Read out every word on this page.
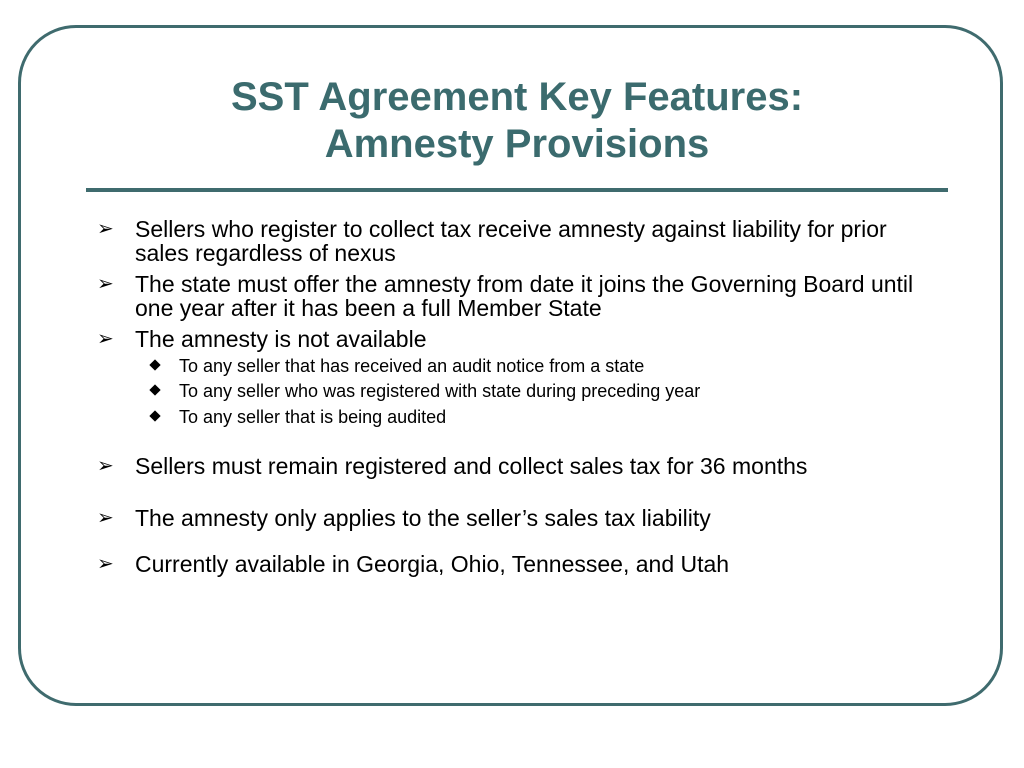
SST Agreement Key Features:
Amnesty Provisions
➢ Sellers who register to collect tax receive amnesty against liability for prior sales regardless of nexus
➢ The state must offer the amnesty from date it joins the Governing Board until one year after it has been a full Member State
➢ The amnesty is not available
To any seller that has received an audit notice from a state
To any seller who was registered with state during preceding year
To any seller that is being audited
➢ Sellers must remain registered and collect sales tax for 36 months
➢ The amnesty only applies to the seller’s sales tax liability
➢ Currently available in Georgia, Ohio, Tennessee, and Utah
